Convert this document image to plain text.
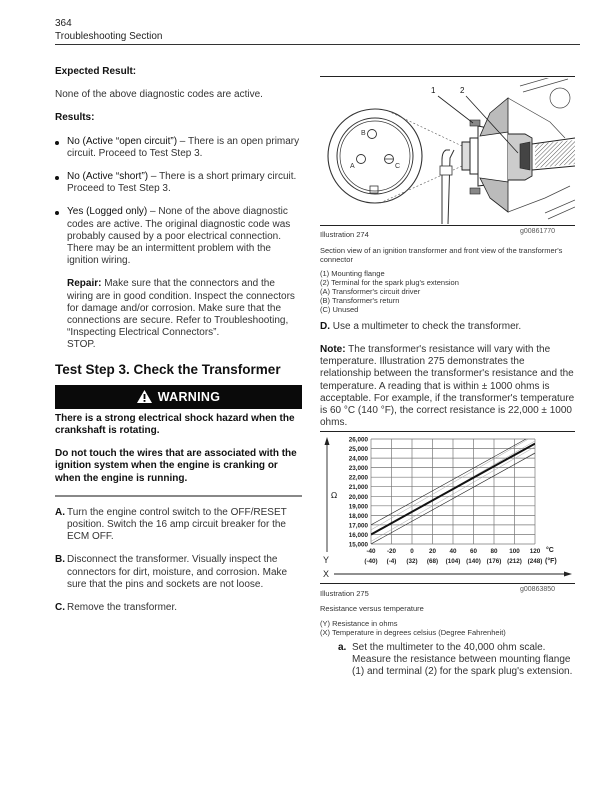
364
Troubleshooting Section

Expected Result:

None of the above diagnostic codes are active.

Results:

No (Active “open circuit”) – There is an open primary circuit. Proceed to Test Step 3.
No (Active “short”) – There is a short primary circuit. Proceed to Test Step 3.
Yes (Logged only) – None of the above diagnostic codes are active. The original diagnostic code was probably caused by a poor electrical connection. There may be an intermittent problem with the ignition wiring.

Repair: Make sure that the connectors and the wiring are in good condition. Inspect the connectors for damage and/or corrosion. Make sure that the connections are secure. Refer to Troubleshooting, “Inspecting Electrical Connectors”.

STOP.

Test Step 3. Check the Transformer

WARNING

There is a strong electrical shock hazard when the crankshaft is rotating.

Do not touch the wires that are associated with the ignition system when the engine is cranking or when the engine is running.

A. Turn the engine control switch to the OFF/RESET position. Switch the 16 amp circuit breaker for the ECM OFF.
B. Disconnect the transformer. Visually inspect the connectors for dirt, moisture, and corrosion. Make sure that the pins and sockets are not loose.
C. Remove the transformer.
B
A	C
1	2
Illustration 274	g00861770
Section view of an ignition transformer and front view of the transformer's connector
(1) Mounting flange
(2) Terminal for the spark plug's extension
(A) Transformer's circuit driver
(B) Transformer's return
(C) Unused
D. Use a multimeter to check the transformer.
Note: The transformer's resistance will vary with the temperature. Illustration 275 demonstrates the relationship between the transformer's resistance and the temperature. A reading that is within ± 1000 ohms is acceptable. For example, if the transformer's temperature is 60 °C (140 °F), the correct resistance is 22,000 ± 1000 ohms.
26,000
25,000
24,000
23,000
22,000
21,000
20,000
19,000
18,000
17,000
16,000
15,000
Ω
Y
-40 -20 0 20 40 60 80 100 120
(-40) (-4) (32) (68) (104) (140) (176) (212) (248)
°C
(°F)
X
Illustration 275	g00863850
Resistance versus temperature
(Y) Resistance in ohms
(X) Temperature in degrees celsius (Degree Fahrenheit)
a. Set the multimeter to the 40,000 ohm scale. Measure the resistance between mounting flange (1) and terminal (2) for the spark plug's extension.
